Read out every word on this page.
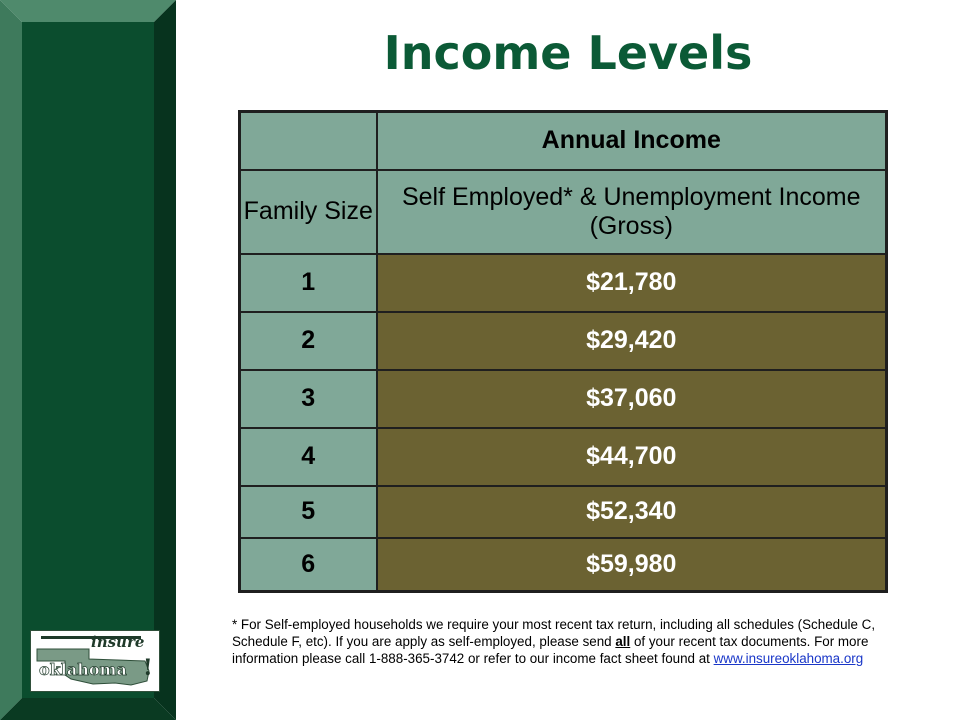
insure
oklahoma !
Income Levels
	Annual Income
Family Size	Self Employed* & Unemployment Income (Gross)
1	$21,780
2	$29,420
3	$37,060
4	$44,700
5	$52,340
6	$59,980

* For Self-employed households we require your most recent tax return, including all schedules (Schedule C, Schedule F, etc). If you are apply as self-employed, please send all of your recent tax documents. For more information please call 1-888-365-3742 or refer to our income fact sheet found at www.insureoklahoma.org
